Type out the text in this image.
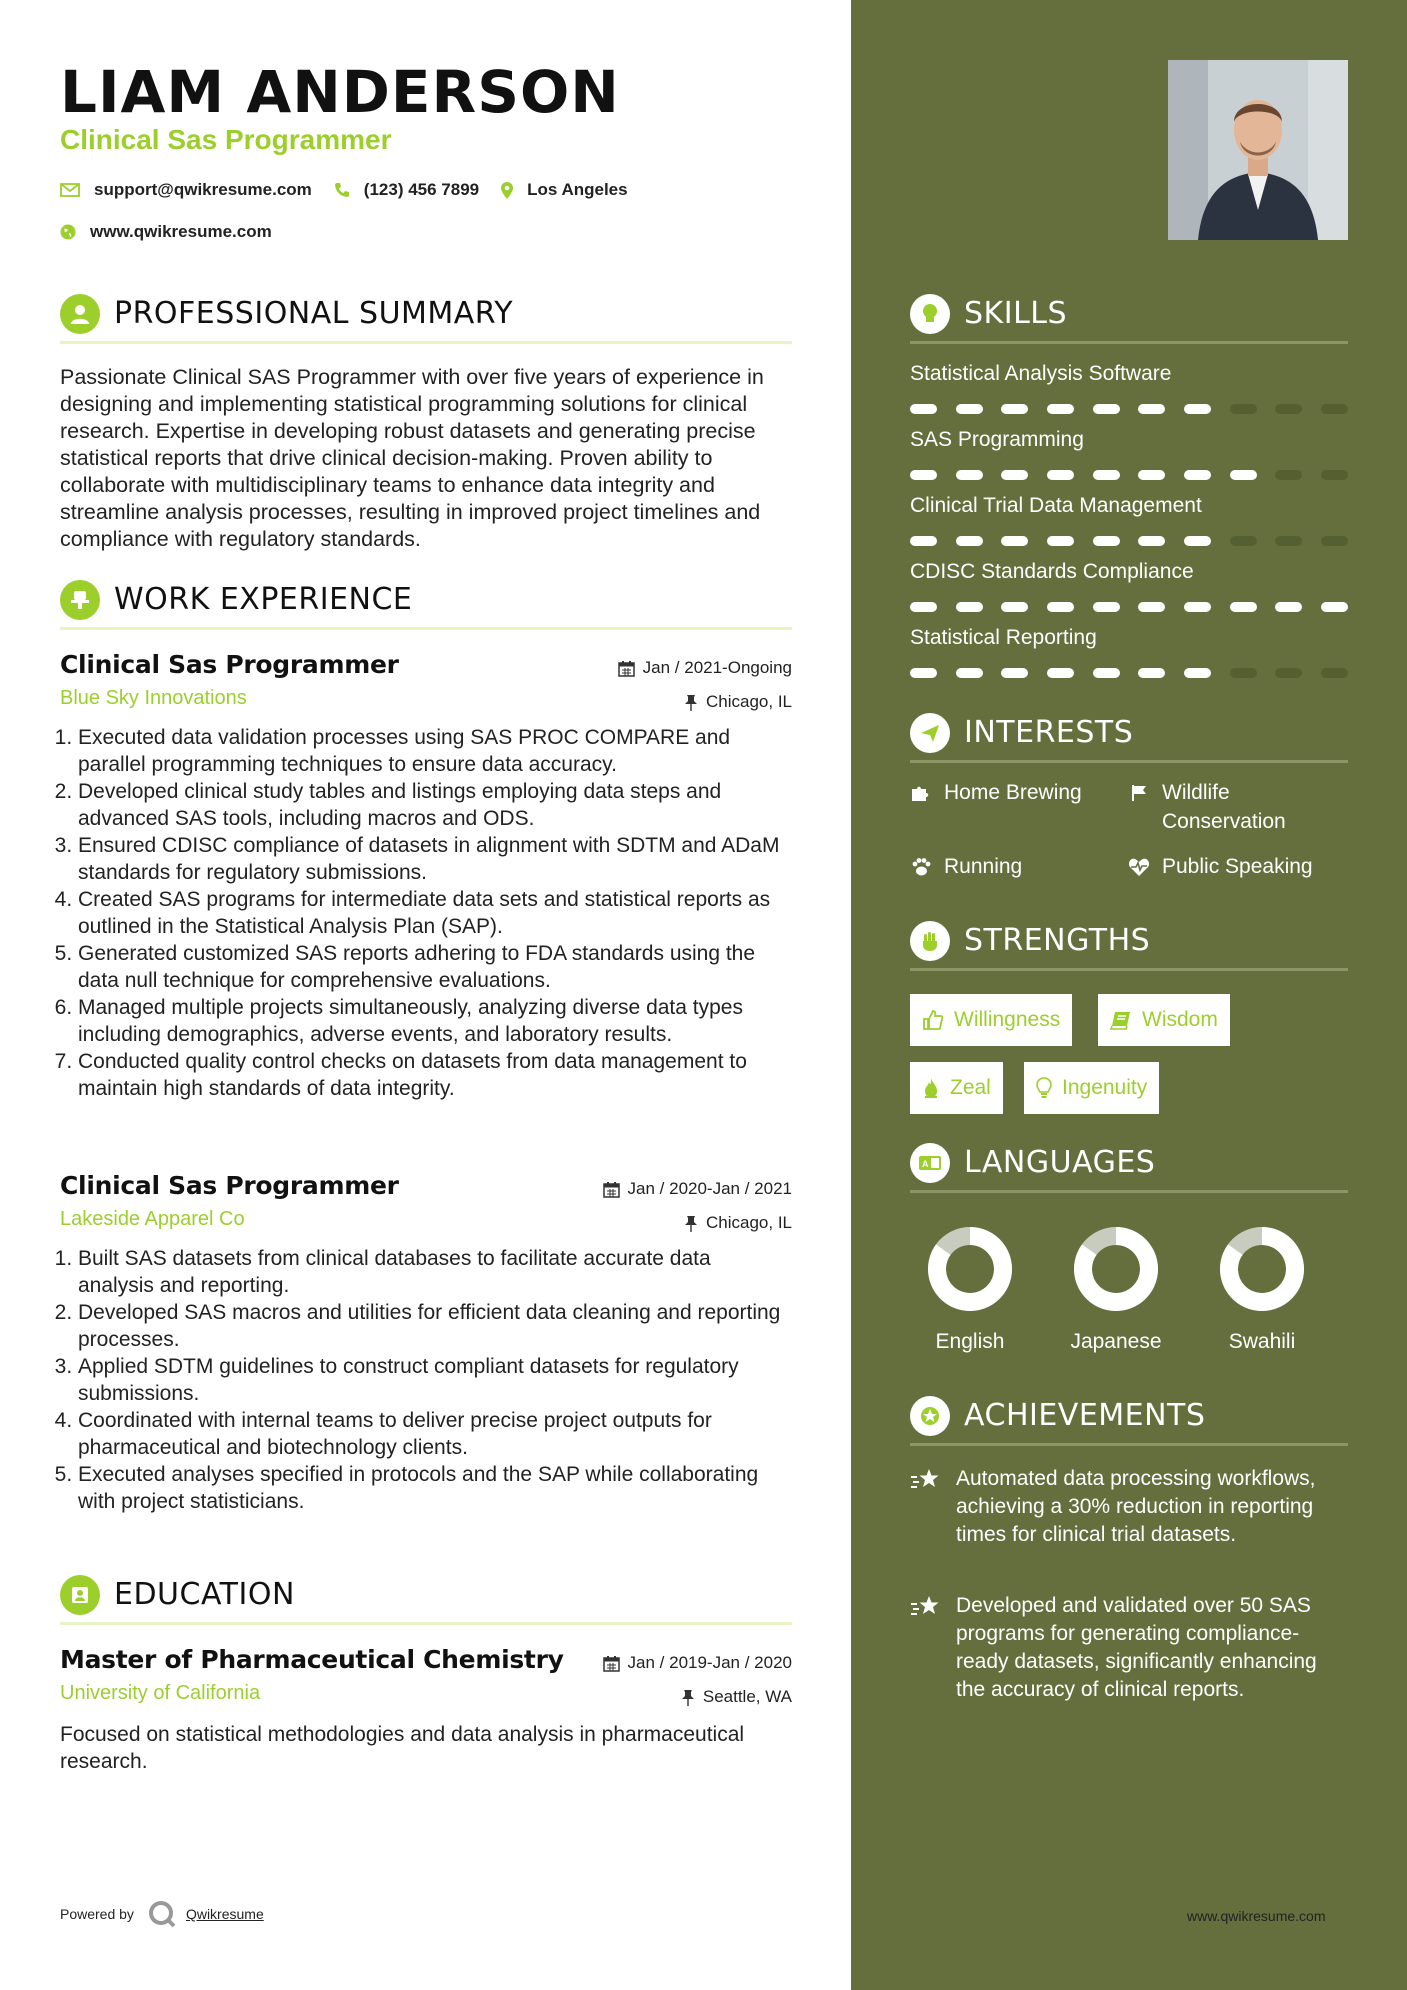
LIAM ANDERSON
Clinical Sas Programmer
support@qwikresume.com	(123) 456 7899	Los Angeles
www.qwikresume.com
PROFESSIONAL SUMMARY
Passionate Clinical SAS Programmer with over five years of experience in designing and implementing statistical programming solutions for clinical research. Expertise in developing robust datasets and generating precise statistical reports that drive clinical decision-making. Proven ability to collaborate with multidisciplinary teams to enhance data integrity and streamline analysis processes, resulting in improved project timelines and compliance with regulatory standards.
WORK EXPERIENCE
Clinical Sas Programmer
Blue Sky Innovations
Jan / 2021-Ongoing
Chicago, IL
1. Executed data validation processes using SAS PROC COMPARE and parallel programming techniques to ensure data accuracy.
2. Developed clinical study tables and listings employing data steps and advanced SAS tools, including macros and ODS.
3. Ensured CDISC compliance of datasets in alignment with SDTM and ADaM standards for regulatory submissions.
4. Created SAS programs for intermediate data sets and statistical reports as outlined in the Statistical Analysis Plan (SAP).
5. Generated customized SAS reports adhering to FDA standards using the data null technique for comprehensive evaluations.
6. Managed multiple projects simultaneously, analyzing diverse data types including demographics, adverse events, and laboratory results.
7. Conducted quality control checks on datasets from data management to maintain high standards of data integrity.
Clinical Sas Programmer
Lakeside Apparel Co
Jan / 2020-Jan / 2021
Chicago, IL
1. Built SAS datasets from clinical databases to facilitate accurate data analysis and reporting.
2. Developed SAS macros and utilities for efficient data cleaning and reporting processes.
3. Applied SDTM guidelines to construct compliant datasets for regulatory submissions.
4. Coordinated with internal teams to deliver precise project outputs for pharmaceutical and biotechnology clients.
5. Executed analyses specified in protocols and the SAP while collaborating with project statisticians.
EDUCATION
Master of Pharmaceutical Chemistry
University of California
Jan / 2019-Jan / 2020
Seattle, WA
Focused on statistical methodologies and data analysis in pharmaceutical research.
Powered by	Qwikresume
SKILLS
Statistical Analysis Software
SAS Programming
Clinical Trial Data Management
CDISC Standards Compliance
Statistical Reporting
INTERESTS
Home Brewing	Wildlife Conservation
Running	Public Speaking
STRENGTHS
Willingness	Wisdom
Zeal	Ingenuity
A LANGUAGES
English	Japanese	Swahili
ACHIEVEMENTS
Automated data processing workflows, achieving a 30% reduction in reporting times for clinical trial datasets.
Developed and validated over 50 SAS programs for generating compliance-ready datasets, significantly enhancing the accuracy of clinical reports.
www.qwikresume.com
